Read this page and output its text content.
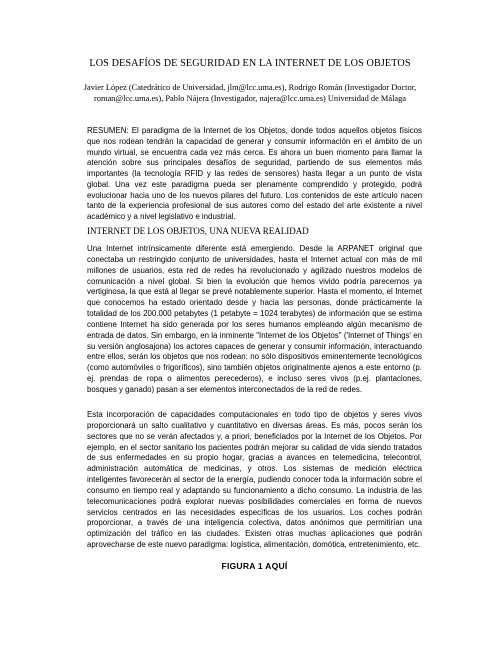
LOS DESAFÍOS DE SEGURIDAD EN LA INTERNET DE LOS OBJETOS
Javier López (Catedrático de Universidad, jlm@lcc.uma.es), Rodrigo Román (Investigador Doctor, roman@lcc.uma.es), Pablo Nájera (Investigador, najera@lcc.uma.es) Universidad de Málaga

RESUMEN: El paradigma de la Internet de los Objetos, donde todos aquellos objetos físicos que nos rodean tendrán la capacidad de generar y consumir información en el ámbito de un mundo virtual, se encuentra cada vez más cerca. Es ahora un buen momento para llamar la atención sobre sus principales desafíos de seguridad, partiendo de sus elementos más importantes (la tecnología RFID y las redes de sensores) hasta llegar a un punto de vista global. Una vez este paradigma pueda ser plenamente comprendido y protegido, podrá evolucionar hacia uno de los nuevos pilares del futuro. Los contenidos de este artículo nacen tanto de la experiencia profesional de sus autores como del estado del arte existente a nivel académico y a nivel legislativo e industrial.

INTERNET DE LOS OBJETOS, UNA NUEVA REALIDAD

Una Internet intrínsicamente diferente está emergiendo. Desde la ARPANET original que conectaba un restringido conjunto de universidades, hasta el Internet actual con más de mil millones de usuarios, esta red de redes ha revolucionado y agilizado nuestros modelos de comunicación a nivel global. Si bien la evolución que hemos vivido podría parecernos ya vertiginosa, la que está al llegar se prevé notablemente superior. Hasta el momento, el Internet que conocemos ha estado orientado desde y hacia las personas, donde prácticamente la totalidad de los 200.000 petabytes (1 petabyte = 1024 terabytes) de información que se estima contiene Internet ha sido generada por los seres humanos empleando algún mecanismo de entrada de datos. Sin embargo, en la inminente "Internet de los Objetos" ('Internet of Things' en su versión anglosajona) los actores capaces de generar y consumir información, interactuando entre ellos, serán los objetos que nos rodean: no sólo dispositivos eminentemente tecnológicos (como automóviles o frigoríficos), sino también objetos originalmente ajenos a este entorno (p. ej. prendas de ropa o alimentos perecederos), e incluso seres vivos (p.ej. plantaciones, bosques y ganado) pasan a ser elementos interconectados de la red de redes.

Esta incorporación de capacidades computacionales en todo tipo de objetos y seres vivos proporcionará un salto cualitativo y cuantitativo en diversas áreas. Es más, pocos serán los sectores que no se verán afectados y, a priori, beneficiados por la Internet de los Objetos. Por ejemplo, en el sector sanitario los pacientes podrán mejorar su calidad de vida siendo tratados de sus enfermedades en su propio hogar, gracias a avances en telemedicina, telecontrol, administración automática de medicinas, y otros. Los sistemas de medición eléctrica inteligentes favorecerán al sector de la energía, pudiendo conocer toda la información sobre el consumo en tiempo real y adaptando su funcionamiento a dicho consumo. La industria de las telecomunicaciones podrá explorar nuevas posibilidades comerciales en forma de nuevos servicios centrados en las necesidades específicas de los usuarios. Los coches podrán proporcionar, a través de una inteligencia colectiva, datos anónimos que permitirían una optimización del tráfico en las ciudades. Existen otras muchas aplicaciones que podrán aprovecharse de este nuevo paradigma: logística, alimentación, domótica, entretenimiento, etc.

FIGURA 1 AQUÍ
